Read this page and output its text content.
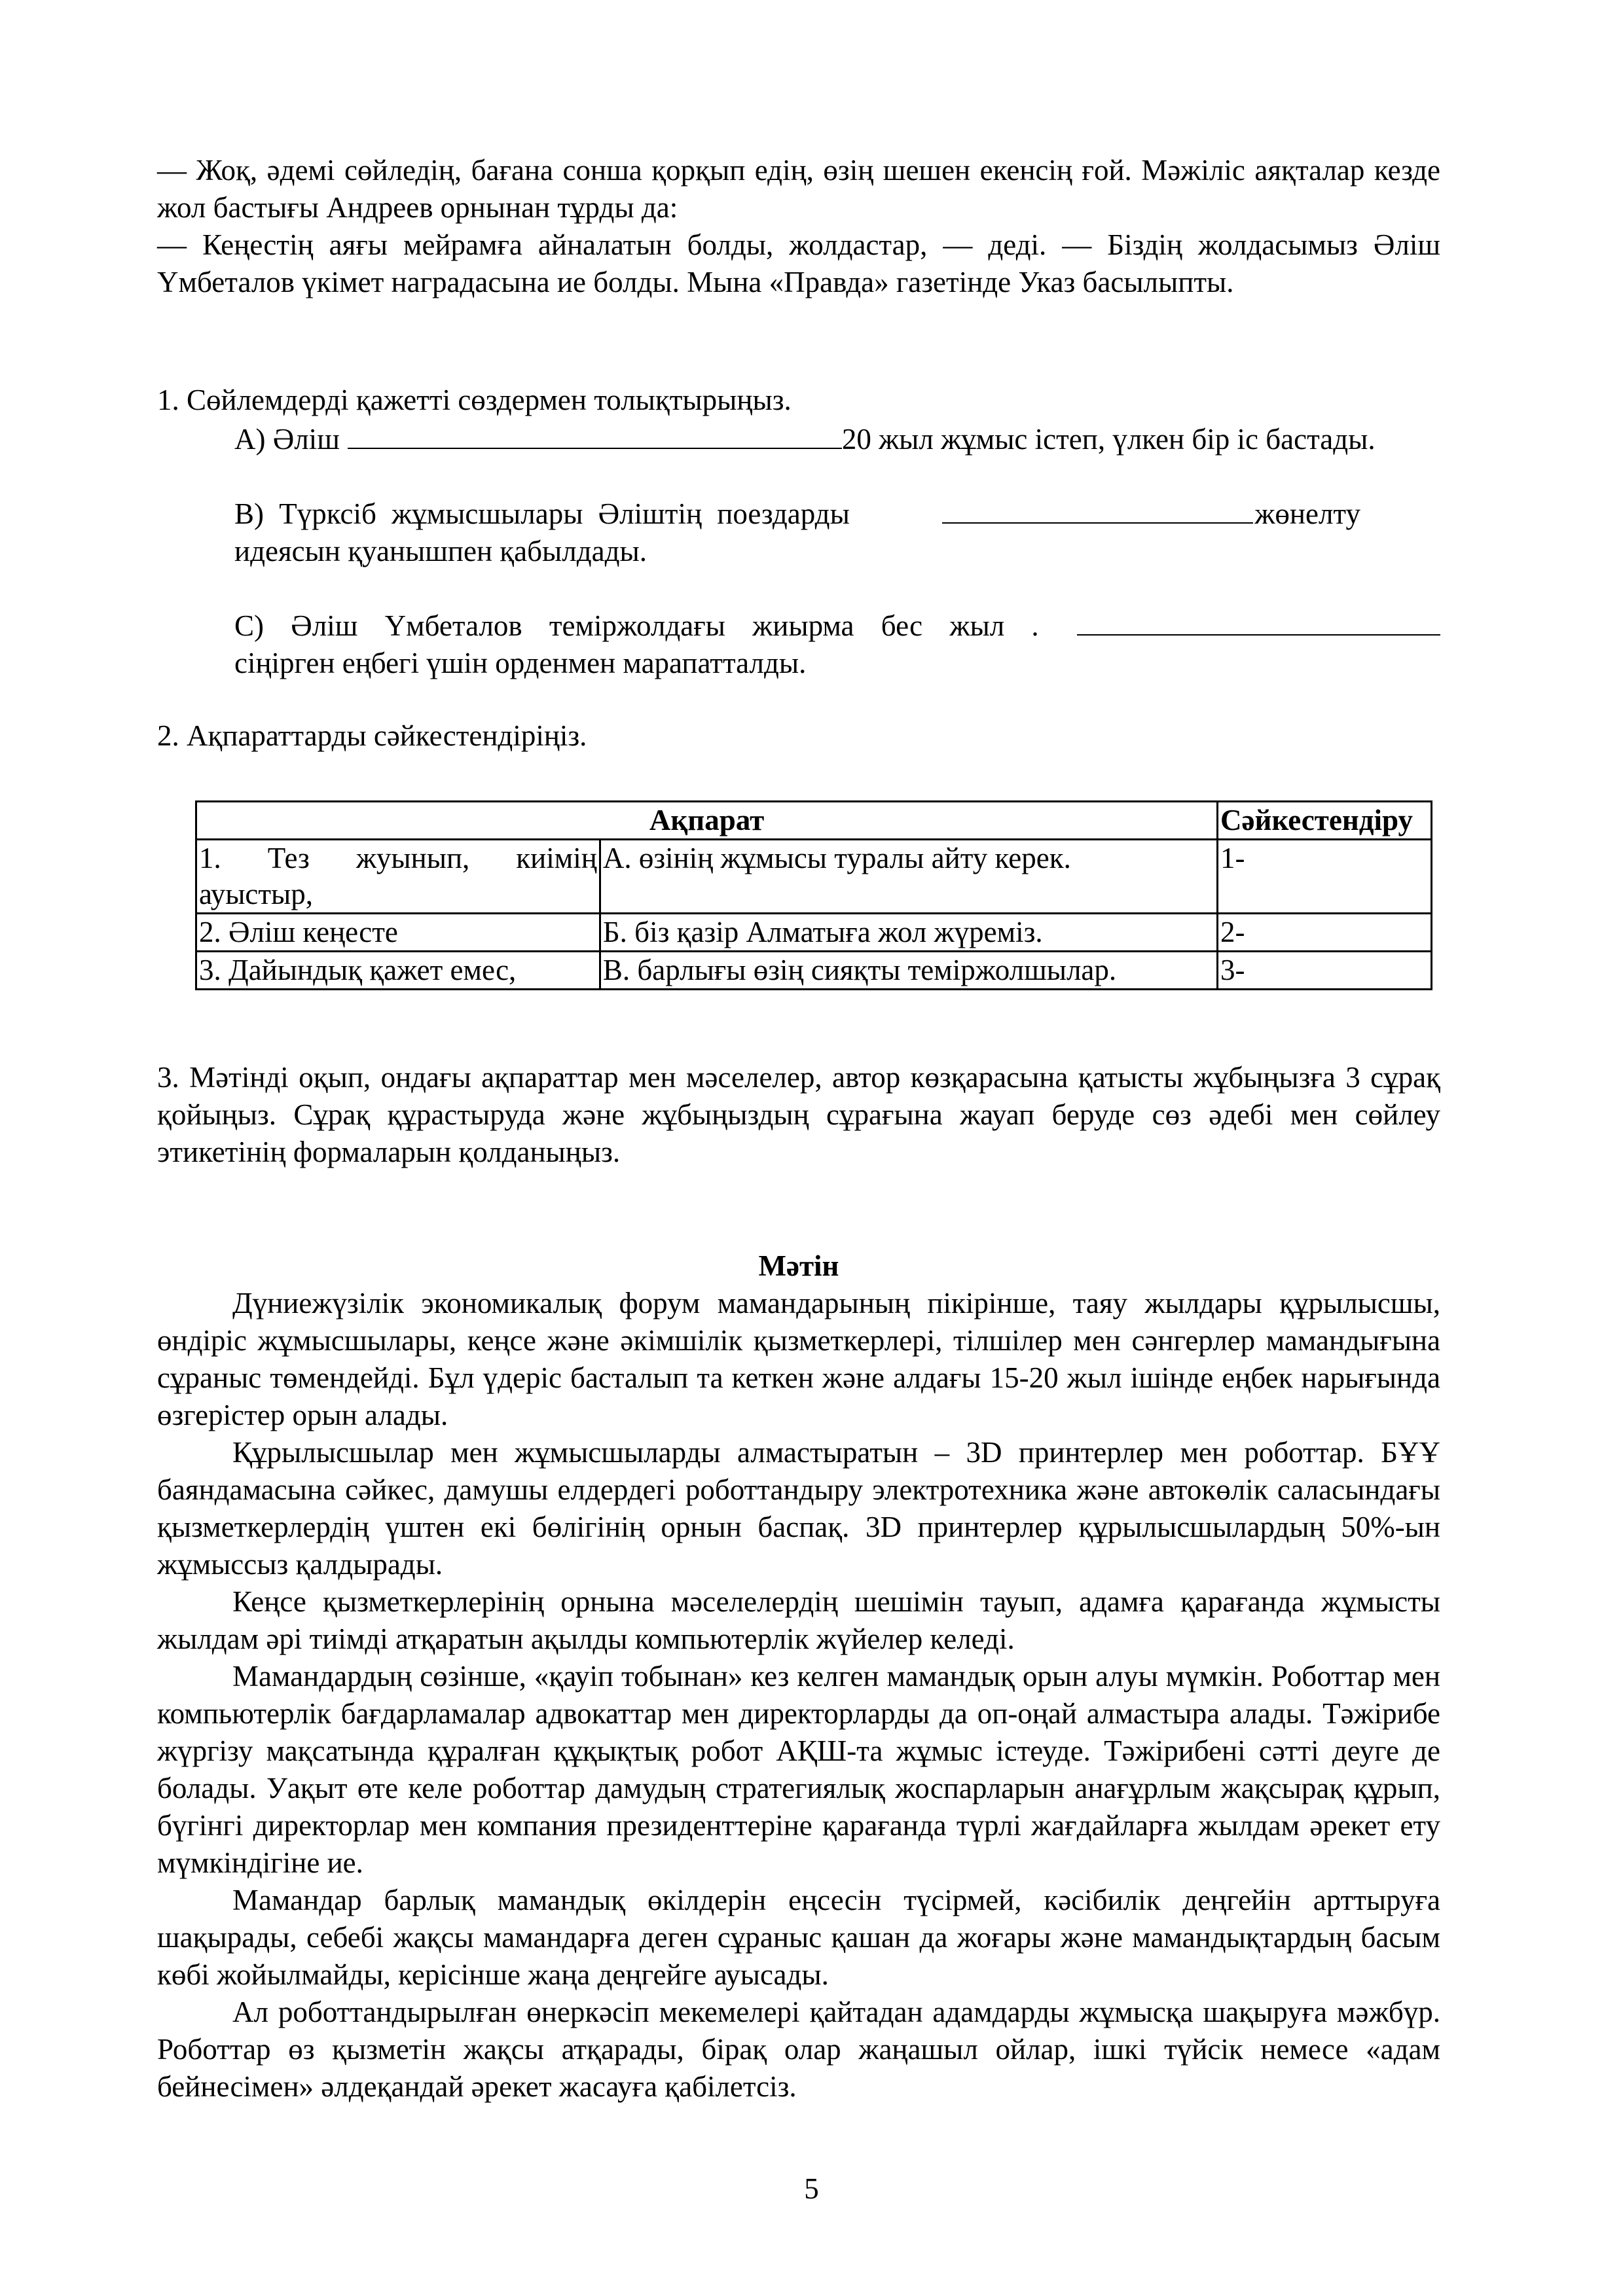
— Жоқ, әдемі сөйледің, бағана сонша қорқып едің, өзің шешен екенсің ғой. Мәжіліс аяқталар кезде жол бастығы Андреев орнынан тұрды да:

— Кеңестің аяғы мейрамға айналатын болды, жолдастар, — деді. — Біздің жолдасымыз Әліш Үмбеталов үкімет наградасына ие болды. Мына «Правда» газетінде Указ басылыпты.

1. Сөйлемдерді қажетті сөздермен толықтырыңыз.

А) Әліш	20 жыл жұмыс істеп, үлкен бір іс бастады.
В) Түрксіб жұмысшылары Әліштің поездарды	жөнелту
идеясын қуанышпен қабылдады.
С) Әліш Үмбеталов теміржолдағы жиырма бес жыл .
сіңірген еңбегі үшін орденмен марапатталды.

2. Ақпараттарды сәйкестендіріңіз.

Ақпарат		Сәйкестендіру

1. Тез жуынып, киімің ауыстыр,	А. өзінің жұмысы туралы айту керек.	1-
2. Әліш кеңесте	Б. біз қазір Алматыға жол жүреміз.	2-
3. Дайындық қажет емес,	В. барлығы өзің сияқты теміржолшылар.	3-

3. Мәтінді оқып, ондағы ақпараттар мен мәселелер, автор көзқарасына қатысты жұбыңызға 3 сұрақ қойыңыз. Сұрақ құрастыруда және жұбыңыздың сұрағына жауап беруде сөз әдебі мен сөйлеу этикетінің формаларын қолданыңыз.

Мәтін

Дүниежүзілік экономикалық форум мамандарының пікірінше, таяу жылдары құрылысшы, өндіріс жұмысшылары, кеңсе және әкімшілік қызметкерлері, тілшілер мен сәнгерлер мамандығына сұраныс төмендейді. Бұл үдеріс басталып та кеткен және алдағы 15-20 жыл ішінде еңбек нарығында өзгерістер орын алады.

Құрылысшылар мен жұмысшыларды алмастыратын – 3D принтерлер мен роботтар. БҰҰ баяндамасына сәйкес, дамушы елдердегі роботтандыру электротехника және автокөлік саласындағы қызметкерлердің үштен екі бөлігінің орнын баспақ. 3D принтерлер құрылысшылардың 50%-ын жұмыссыз қалдырады.

Кеңсе қызметкерлерінің орнына мәселелердің шешімін тауып, адамға қарағанда жұмысты жылдам әрі тиімді атқаратын ақылды компьютерлік жүйелер келеді.

Мамандардың сөзінше, «қауіп тобынан» кез келген мамандық орын алуы мүмкін. Роботтар мен компьютерлік бағдарламалар адвокаттар мен директорларды да оп-оңай алмастыра алады. Тәжірибе жүргізу мақсатында құралған құқықтық робот АҚШ-та жұмыс істеуде. Тәжірибені сәтті деуге де болады. Уақыт өте келе роботтар дамудың стратегиялық жоспарларын анағұрлым жақсырақ құрып, бүгінгі директорлар мен компания президенттеріне қарағанда түрлі жағдайларға жылдам әрекет ету мүмкіндігіне ие.

Мамандар барлық мамандық өкілдерін еңсесін түсірмей, кәсібилік деңгейін арттыруға шақырады, себебі жақсы мамандарға деген сұраныс қашан да жоғары және мамандықтардың басым көбі жойылмайды, керісінше жаңа деңгейге ауысады.

Ал роботтандырылған өнеркәсіп мекемелері қайтадан адамдарды жұмысқа шақыруға мәжбүр. Роботтар өз қызметін жақсы атқарады, бірақ олар жаңашыл ойлар, ішкі түйсік немесе «адам бейнесімен» әлдеқандай әрекет жасауға қабілетсіз.

5
